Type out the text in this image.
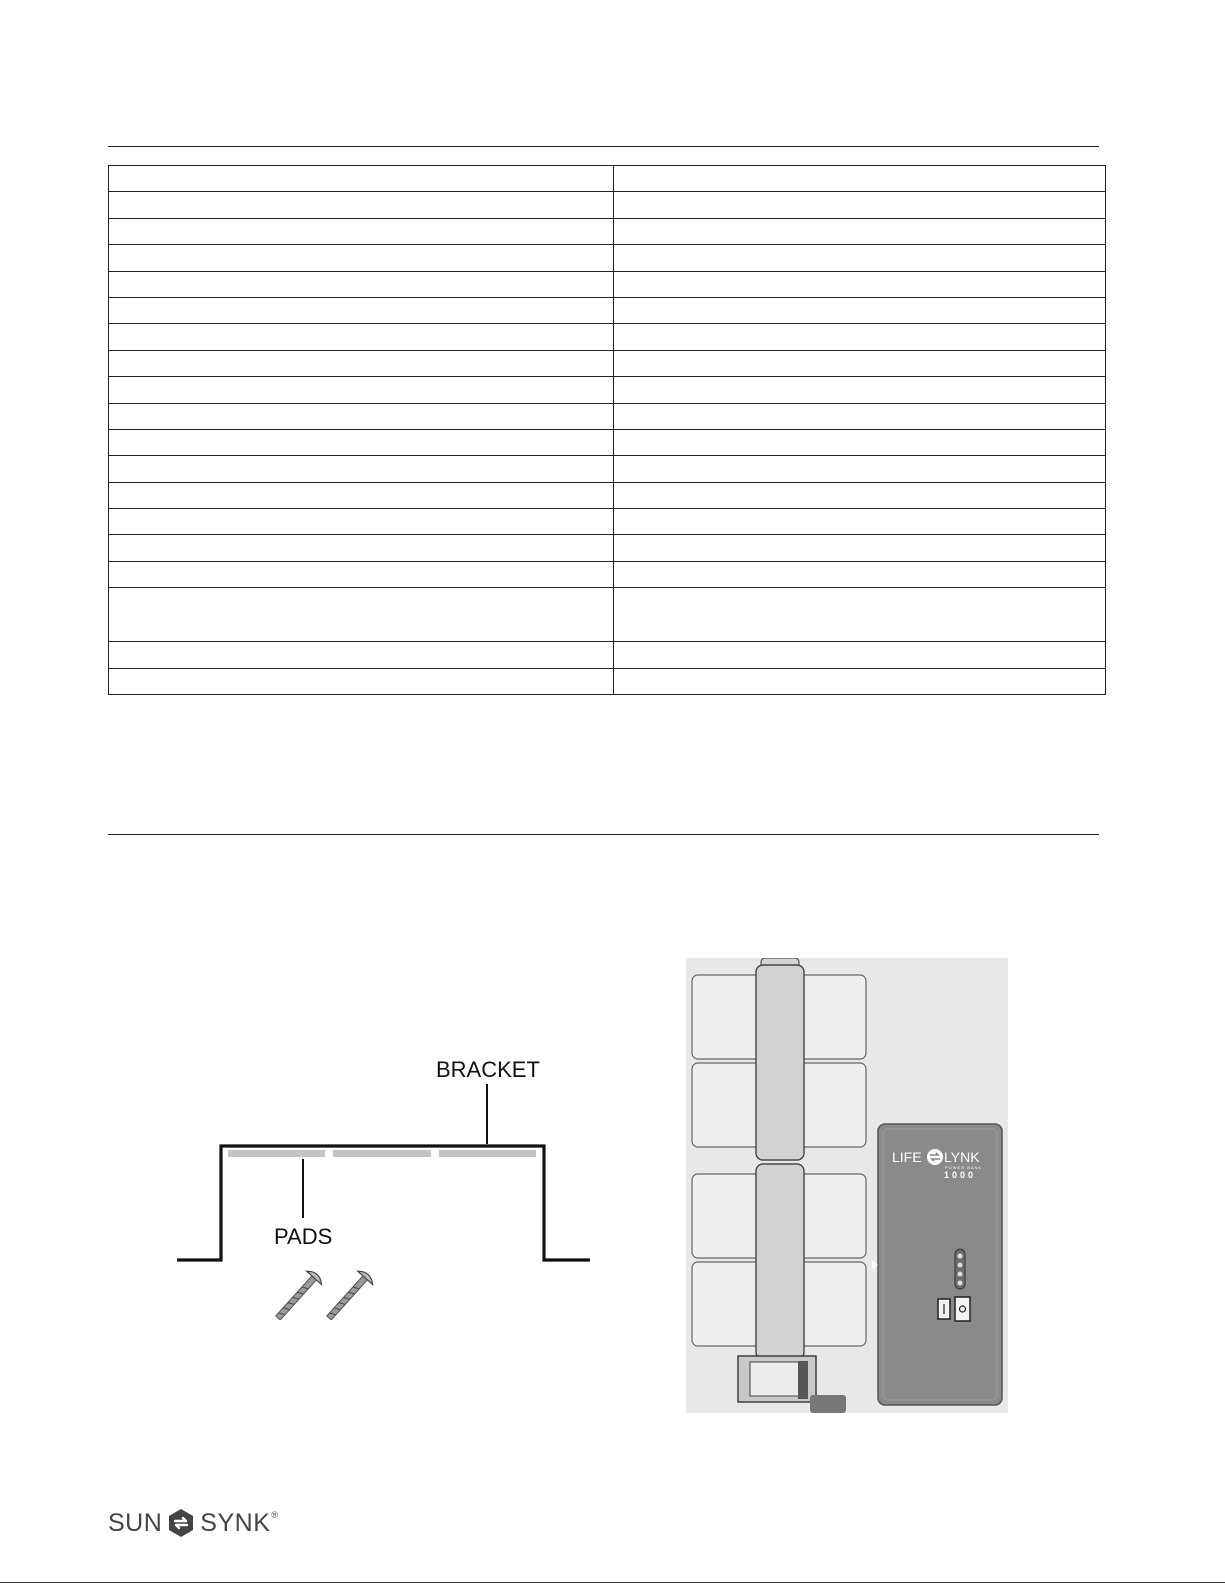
BRACKET
PADS
LIFE LYNK
POWER BANK
1000
SUN SYNK ®
